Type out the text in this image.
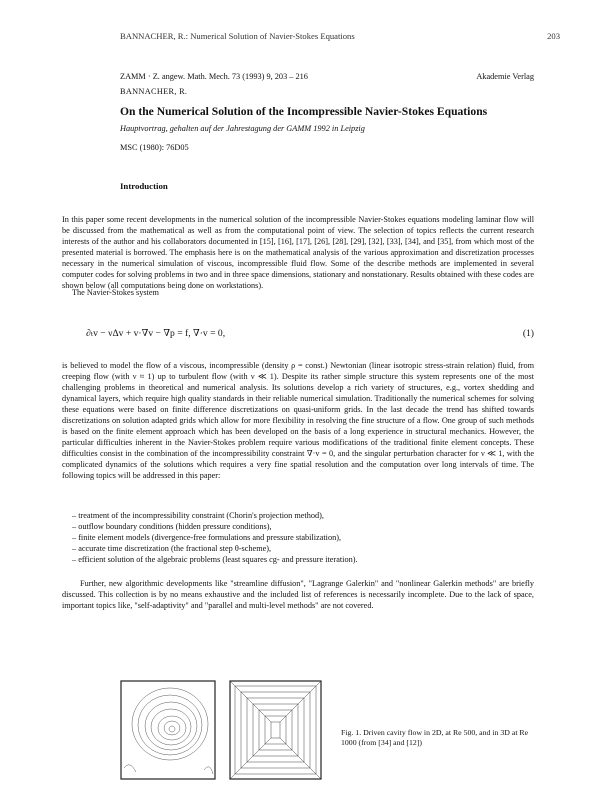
BANNACHER, R.: Numerical Solution of Navier-Stokes Equations	203
ZAMM · Z. angew. Math. Mech. 73 (1993) 9, 203 – 216	Akademie Verlag
BANNACHER, R.
On the Numerical Solution of the Incompressible Navier-Stokes Equations
Hauptvortrag, gehalten auf der Jahrestagung der GAMM 1992 in Leipzig
MSC (1980): 76D05
Introduction
In this paper some recent developments in the numerical solution of the incompressible Navier-Stokes equations modeling laminar flow will be discussed from the mathematical as well as from the computational point of view. The selection of topics reflects the current research interests of the author and his collaborators documented in [15], [16], [17], [26], [28], [29], [32], [33], [34], and [35], from which most of the presented material is borrowed. The emphasis here is on the mathematical analysis of the various approximation and discretization processes necessary in the numerical simulation of viscous, incompressible fluid flow. Some of the describe methods are implemented in several computer codes for solving problems in two and in three space dimensions, stationary and nonstationary. Results obtained with these codes are shown below (all computations being done on workstations).
The Navier-Stokes system
∂ₜv − νΔv + v·∇v − ∇p = f, ∇·v = 0,	(1)
is believed to model the flow of a viscous, incompressible (density ρ = const.) Newtonian (linear isotropic stress-strain relation) fluid, from creeping flow (with ν ≈ 1) up to turbulent flow (with ν ≪ 1). Despite its rather simple structure this system represents one of the most challenging problems in theoretical and numerical analysis. Its solutions develop a rich variety of structures, e.g., vortex shedding and dynamical layers, which require high quality standards in their reliable numerical simulation. Traditionally the numerical schemes for solving these equations were based on finite difference discretizations on quasi-uniform grids. In the last decade the trend has shifted towards discretizations on solution adapted grids which allow for more flexibility in resolving the fine structure of a flow. One group of such methods is based on the finite element approach which has been developed on the basis of a long experience in structural mechanics. However, the particular difficulties inherent in the Navier-Stokes problem require various modifications of the traditional finite element concepts. These difficulties consist in the combination of the incompressibility constraint ∇·v = 0, and the singular perturbation character for ν ≪ 1, with the complicated dynamics of the solutions which requires a very fine spatial resolution and the computation over long intervals of time. The following topics will be addressed in this paper:
– treatment of the incompressibility constraint (Chorin's projection method),
– outflow boundary conditions (hidden pressure conditions),
– finite element models (divergence-free formulations and pressure stabilization),
– accurate time discretization (the fractional step θ-scheme),
– efficient solution of the algebraic problems (least squares cg- and pressure iteration).
Further, new algorithmic developments like "streamline diffusion", "Lagrange Galerkin" and "nonlinear Galerkin methods" are briefly discussed. This collection is by no means exhaustive and the included list of references is necessarily incomplete. Due to the lack of space, important topics like, "self-adaptivity" and "parallel and multi-level methods" are not covered.
Fig. 1. Driven cavity flow in 2D, at Re 500, and in 3D at Re 1000 (from [34] and [12])
